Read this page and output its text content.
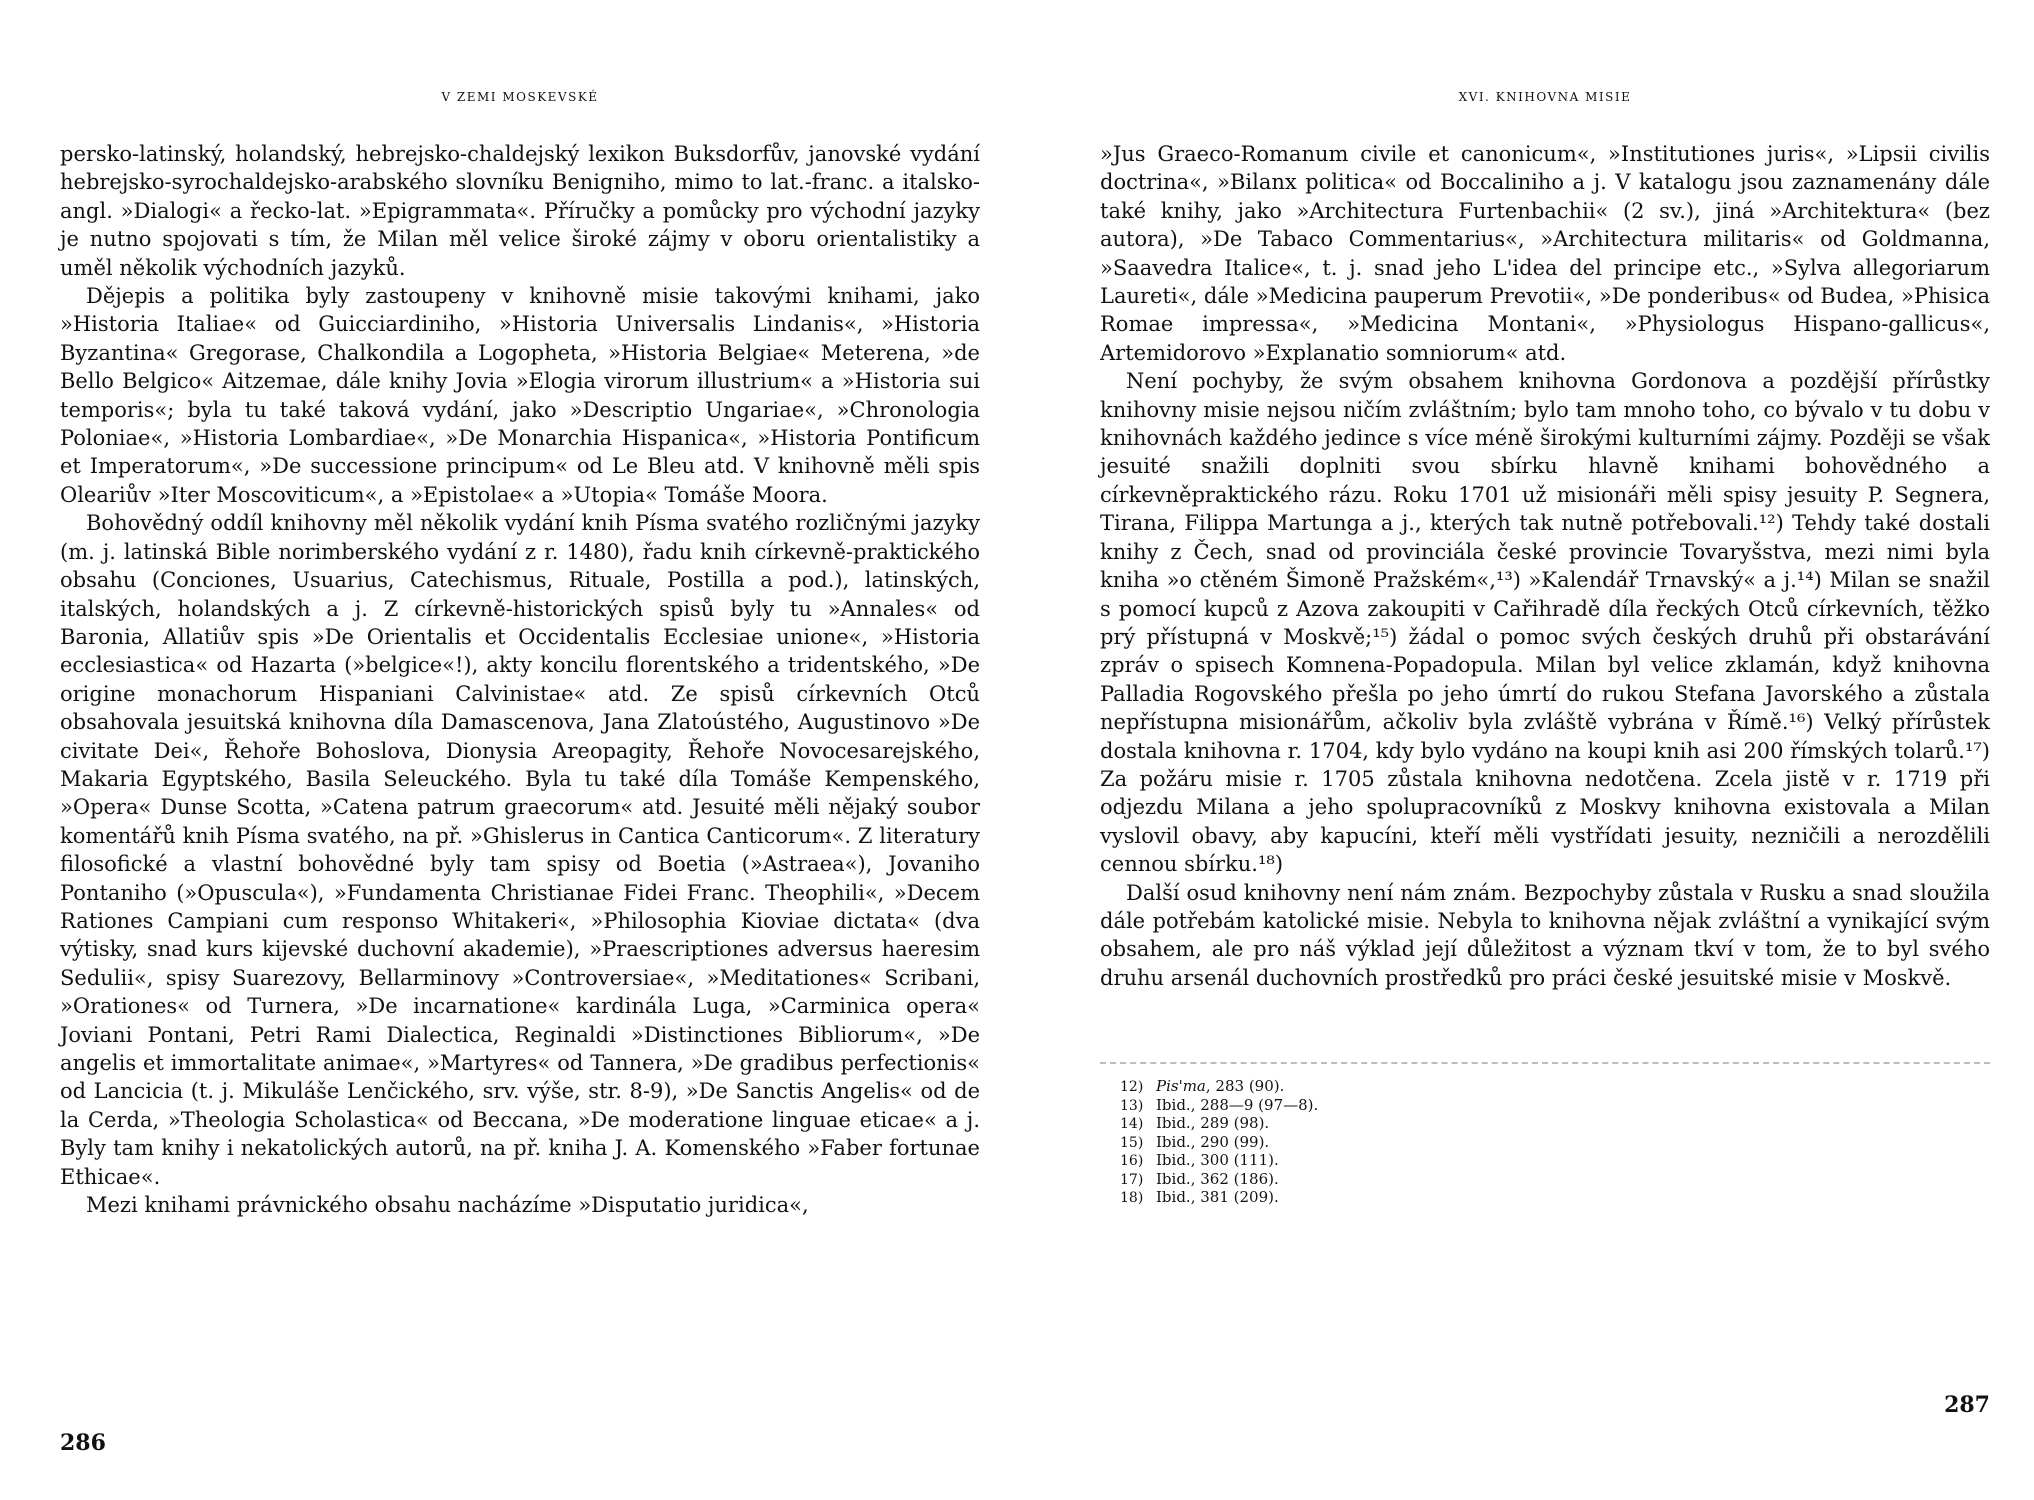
V ZEMI MOSKEVSKÉ

persko-latinský, holandský, hebrejsko-chaldejský lexikon Buksdorfův, janovské vydání hebrejsko-syrochaldejsko-arabského slovníku Benigniho, mimo to lat.-franc. a italsko-angl. »Dialogi« a řecko-lat. »Epigrammata«. Příručky a pomůcky pro východní jazyky je nutno spojovati s tím, že Milan měl velice široké zájmy v oboru orientalistiky a uměl několik východních jazyků.

Dějepis a politika byly zastoupeny v knihovně misie takovými knihami, jako »Historia Italiae« od Guicciardiniho, »Historia Universalis Lindanis«, »Historia Byzantina« Gregorase, Chalkondila a Logopheta, »Historia Belgiae« Meterena, »de Bello Belgico« Aitzemae, dále knihy Jovia »Elogia virorum illustrium« a »Historia sui temporis«; byla tu také taková vydání, jako »Descriptio Ungariae«, »Chronologia Poloniae«, »Historia Lombardiae«, »De Monarchia Hispanica«, »Historia Pontificum et Imperatorum«, »De successione principum« od Le Bleu atd. V knihovně měli spis Oleariův »Iter Moscoviticum«, a »Epistolae« a »Utopia« Tomáše Moora.

Bohovědný oddíl knihovny měl několik vydání knih Písma svatého rozličnými jazyky (m. j. latinská Bible norimberského vydání z r. 1480), řadu knih církevně-praktického obsahu (Conciones, Usuarius, Catechismus, Rituale, Postilla a pod.), latinských, italských, holandských a j. Z církevně-historických spisů byly tu »Annales« od Baronia, Allatiův spis »De Orientalis et Occidentalis Ecclesiae unione«, »Historia ecclesiastica« od Hazarta (»belgice«!), akty koncilu florentského a tridentského, »De origine monachorum Hispaniani Calvinistae« atd. Ze spisů církevních Otců obsahovala jesuitská knihovna díla Damascenova, Jana Zlatoústého, Augustinovo »De civitate Dei«, Řehoře Bohoslova, Dionysia Areopagity, Řehoře Novocesarejského, Makaria Egyptského, Basila Seleuckého. Byla tu také díla Tomáše Kempenského, »Opera« Dunse Scotta, »Catena patrum graecorum« atd. Jesuité měli nějaký soubor komentářů knih Písma svatého, na př. »Ghislerus in Cantica Canticorum«. Z literatury filosofické a vlastní bohovědné byly tam spisy od Boetia (»Astraea«), Jovaniho Pontaniho (»Opuscula«), »Fundamenta Christianae Fidei Franc. Theophili«, »Decem Rationes Campiani cum responso Whitakeri«, »Philosophia Kioviae dictata« (dva výtisky, snad kurs kijevské duchovní akademie), »Praescriptiones adversus haeresim Sedulii«, spisy Suarezovy, Bellarminovy »Controversiae«, »Meditationes« Scribani, »Orationes« od Turnera, »De incarnatione« kardinála Luga, »Carminica opera« Joviani Pontani, Petri Rami Dialectica, Reginaldi »Distinctiones Bibliorum«, »De angelis et immortalitate animae«, »Martyres« od Tannera, »De gradibus perfectionis« od Lancicia (t. j. Mikuláše Lenčického, srv. výše, str. 8-9), »De Sanctis Angelis« od de la Cerda, »Theologia Scholastica« od Beccana, »De moderatione linguae eticae« a j. Byly tam knihy i nekatolických autorů, na př. kniha J. A. Komenského »Faber fortunae Ethicae«.

Mezi knihami právnického obsahu nacházíme »Disputatio juridica«,

286
XVI. KNIHOVNA MISIE

»Jus Graeco-Romanum civile et canonicum«, »Institutiones juris«, »Lipsii civilis doctrina«, »Bilanx politica« od Boccaliniho a j. V katalogu jsou zaznamenány dále také knihy, jako »Architectura Furtenbachii« (2 sv.), jiná »Architektura« (bez autora), »De Tabaco Commentarius«, »Architectura militaris« od Goldmanna, »Saavedra Italice«, t. j. snad jeho L'idea del principe etc., »Sylva allegoriarum Laureti«, dále »Medicina pauperum Prevotii«, »De ponderibus« od Budea, »Phisica Romae impressa«, »Medicina Montani«, »Physiologus Hispano-gallicus«, Artemidorovo »Explanatio somniorum« atd.

Není pochyby, že svým obsahem knihovna Gordonova a pozdější přírůstky knihovny misie nejsou ničím zvláštním; bylo tam mnoho toho, co bývalo v tu dobu v knihovnách každého jedince s více méně širokými kulturními zájmy. Později se však jesuité snažili doplniti svou sbírku hlavně knihami bohovědného a církevněpraktického rázu. Roku 1701 už misionáři měli spisy jesuity P. Segnera, Tirana, Filippa Martunga a j., kterých tak nutně potřebovali.¹²) Tehdy také dostali knihy z Čech, snad od provinciála české provincie Tovaryšstva, mezi nimi byla kniha »o ctěném Šimoně Pražském«,¹³) »Kalendář Trnavský« a j.¹⁴) Milan se snažil s pomocí kupců z Azova zakoupiti v Cařihradě díla řeckých Otců církevních, těžko prý přístupná v Moskvě;¹⁵) žádal o pomoc svých českých druhů při obstarávání zpráv o spisech Komnena-Popadopula. Milan byl velice zklamán, když knihovna Palladia Rogovského přešla po jeho úmrtí do rukou Stefana Javorského a zůstala nepřístupna misionářům, ačkoliv byla zvláště vybrána v Římě.¹⁶) Velký přírůstek dostala knihovna r. 1704, kdy bylo vydáno na koupi knih asi 200 římských tolarů.¹⁷) Za požáru misie r. 1705 zůstala knihovna nedotčena. Zcela jistě v r. 1719 při odjezdu Milana a jeho spolupracovníků z Moskvy knihovna existovala a Milan vyslovil obavy, aby kapucíni, kteří měli vystřídati jesuity, nezničili a nerozdělili cennou sbírku.¹⁸)

Další osud knihovny není nám znám. Bezpochyby zůstala v Rusku a snad sloužila dále potřebám katolické misie. Nebyla to knihovna nějak zvláštní a vynikající svým obsahem, ale pro náš výklad její důležitost a význam tkví v tom, že to byl svého druhu arsenál duchovních prostředků pro práci české jesuitské misie v Moskvě.

12) Pis'ma, 283 (90).
13) Ibid., 288—9 (97—8).
14) Ibid., 289 (98).
15) Ibid., 290 (99).
16) Ibid., 300 (111).
17) Ibid., 362 (186).
18) Ibid., 381 (209).
287
